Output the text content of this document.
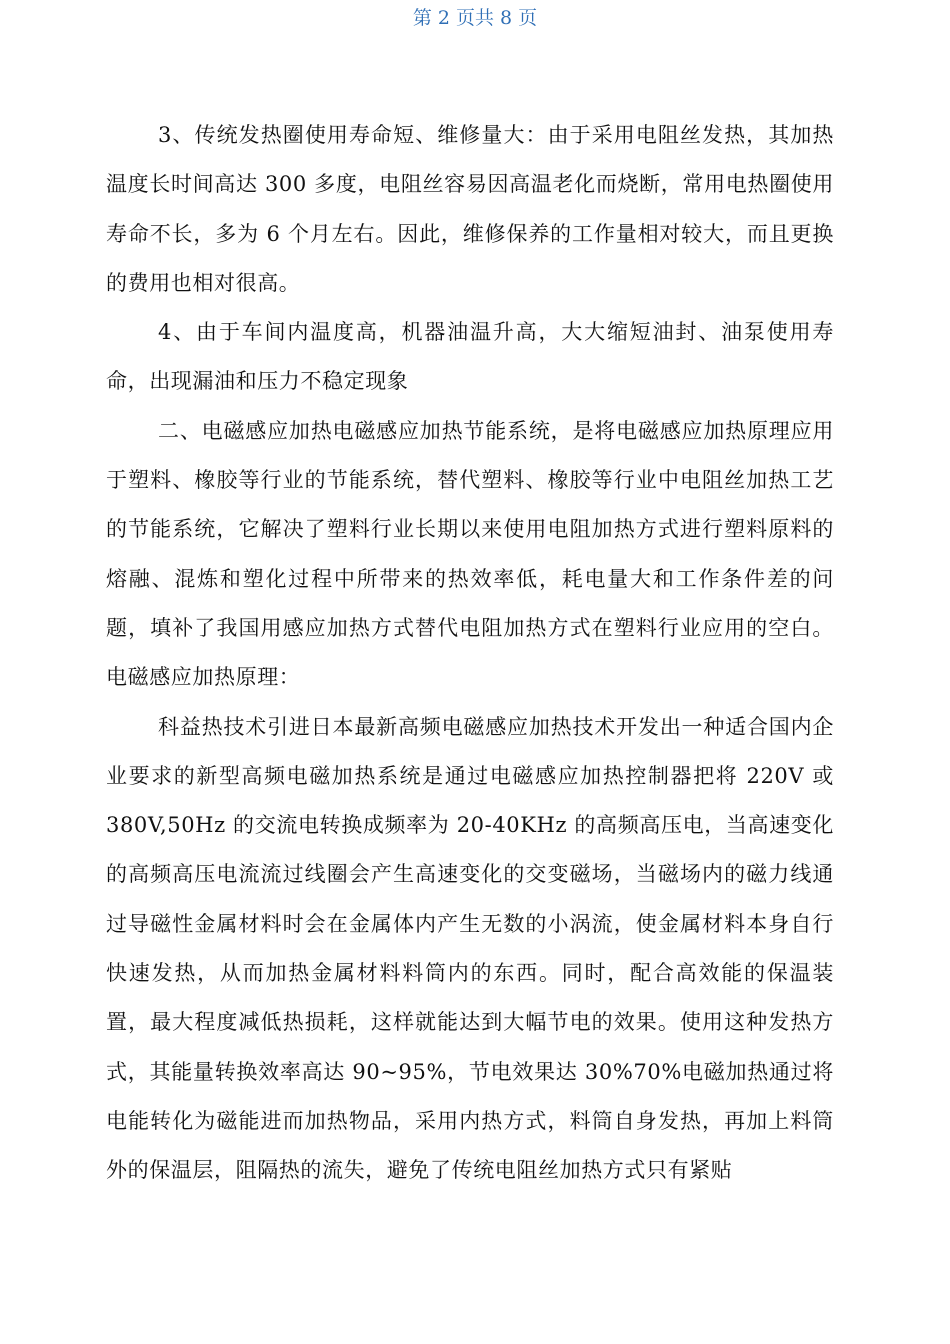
第 2 页共 8 页

3、传统发热圈使用寿命短、维修量大：由于采用电阻丝发热，其加热温度长时间高达 300 多度，电阻丝容易因高温老化而烧断，常用电热圈使用寿命不长，多为 6 个月左右。因此，维修保养的工作量相对较大，而且更换的费用也相对很高。

4、由于车间内温度高，机器油温升高，大大缩短油封、油泵使用寿命，出现漏油和压力不稳定现象

二、电磁感应加热电磁感应加热节能系统，是将电磁感应加热原理应用于塑料、橡胶等行业的节能系统，替代塑料、橡胶等行业中电阻丝加热工艺的节能系统，它解决了塑料行业长期以来使用电阻加热方式进行塑料原料的熔融、混炼和塑化过程中所带来的热效率低，耗电量大和工作条件差的问题，填补了我国用感应加热方式替代电阻加热方式在塑料行业应用的空白。电磁感应加热原理：

科益热技术引进日本最新高频电磁感应加热技术开发出一种适合国内企业要求的新型高频电磁加热系统是通过电磁感应加热控制器把将 220V 或 380V,50Hz 的交流电转换成频率为 20-40KHz 的高频高压电，当高速变化的高频高压电流流过线圈会产生高速变化的交变磁场，当磁场内的磁力线通过导磁性金属材料时会在金属体内产生无数的小涡流，使金属材料本身自行快速发热，从而加热金属材料料筒内的东西。同时，配合高效能的保温装置，最大程度减低热损耗，这样就能达到大幅节电的效果。使用这种发热方式，其能量转换效率高达 90~95%，节电效果达 30%70%电磁加热通过将电能转化为磁能进而加热物品，采用内热方式，料筒自身发热，再加上料筒外的保温层，阻隔热的流失，避免了传统电阻丝加热方式只有紧贴
